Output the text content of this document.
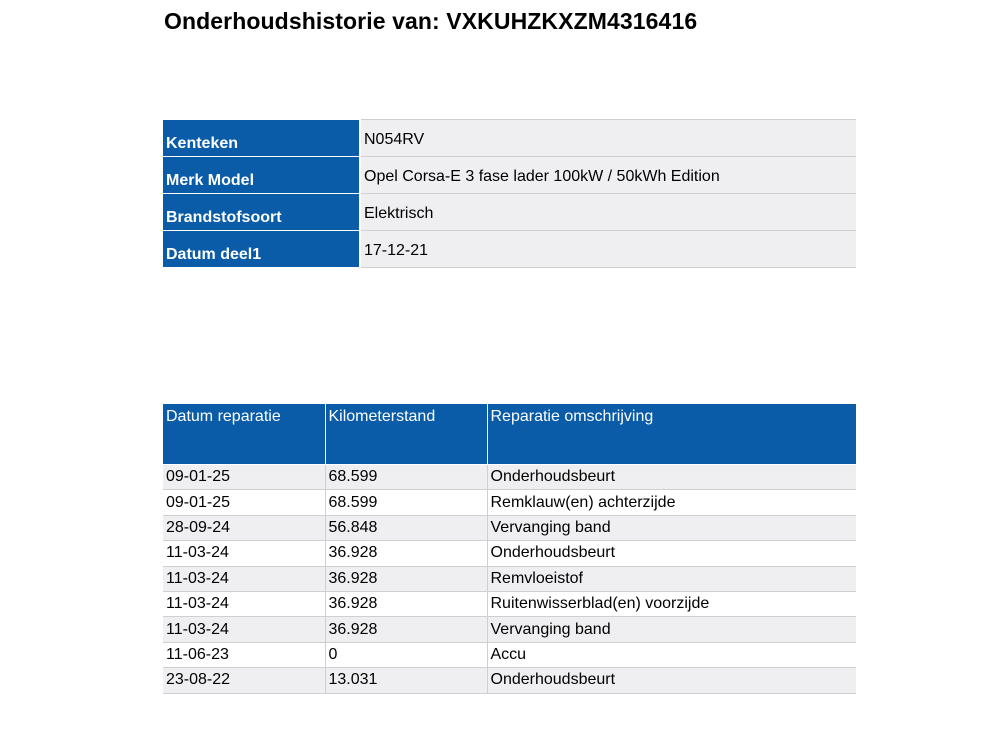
Onderhoudshistorie van: VXKUHZKXZM4316416
Kenteken	N054RV
Merk Model	Opel Corsa-E 3 fase lader 100kW / 50kWh Edition
Brandstofsoort	Elektrisch
Datum deel1	17-12-21
Datum reparatie	Kilometerstand	Reparatie omschrijving
09-01-25	68.599	Onderhoudsbeurt
09-01-25	68.599	Remklauw(en) achterzijde
28-09-24	56.848	Vervanging band
11-03-24	36.928	Onderhoudsbeurt
11-03-24	36.928	Remvloeistof
11-03-24	36.928	Ruitenwisserblad(en) voorzijde
11-03-24	36.928	Vervanging band
11-06-23	0	Accu
23-08-22	13.031	Onderhoudsbeurt
